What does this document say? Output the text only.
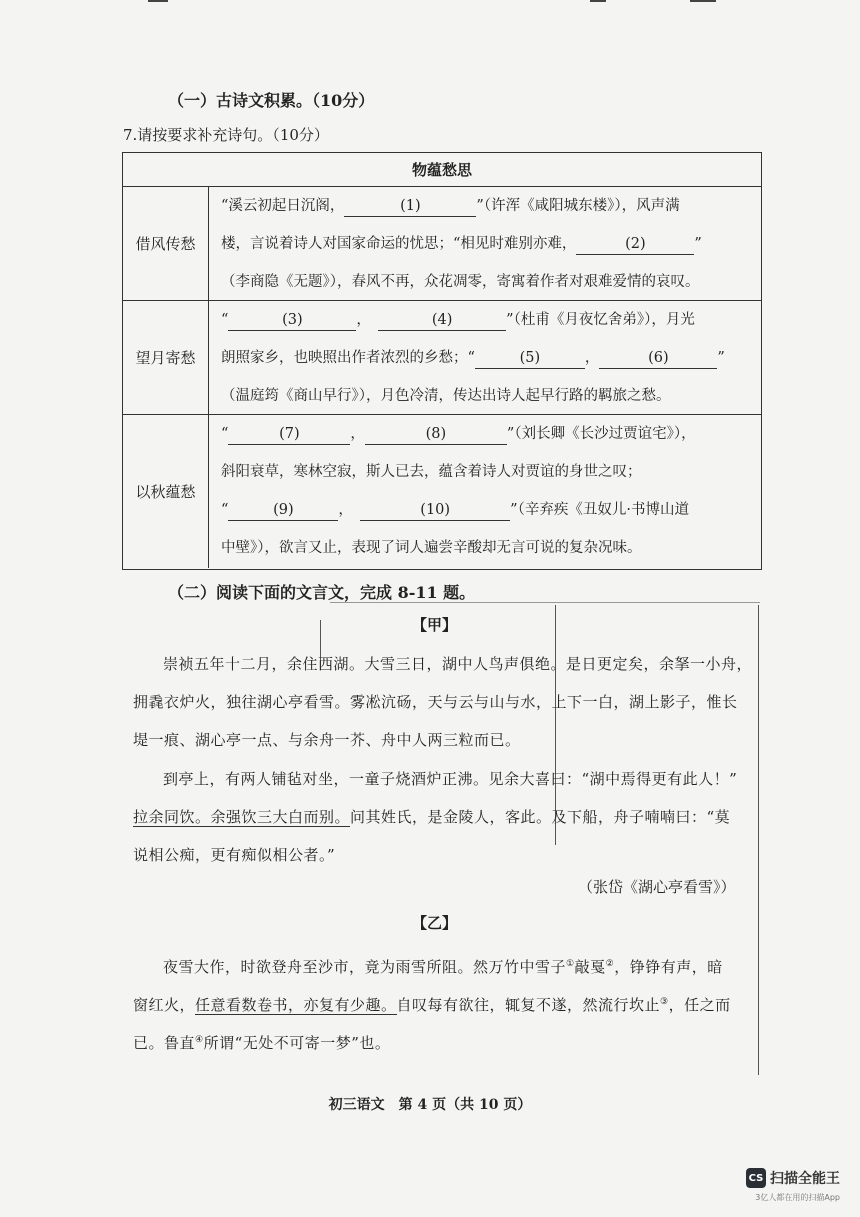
（一）古诗文积累。（10分）
7.请按要求补充诗句。（10分）
物蕴愁思
借风传愁
“溪云初起日沉阁，	(1)	”（许浑《咸阳城东楼》），风声满
楼，言说着诗人对国家命运的忧思；“相见时难别亦难，	(2)	”
（李商隐《无题》），春风不再，众花凋零，寄寓着作者对艰难爱情的哀叹。
望月寄愁
“	(3)	，　	(4)	”（杜甫《月夜忆舍弟》），月光
朗照家乡，也映照出作者浓烈的乡愁；“	(5)	，	(6)	”
（温庭筠《商山早行》），月色冷清，传达出诗人起早行路的羁旅之愁。
以秋蕴愁
“	(7)	，	(8)	”（刘长卿《长沙过贾谊宅》），
斜阳衰草，寒林空寂，斯人已去，蕴含着诗人对贾谊的身世之叹；
“	(9)	，　	(10)	”（辛弃疾《丑奴儿·书博山道
中壁》），欲言又止，表现了词人遍尝辛酸却无言可说的复杂况味。
（二）阅读下面的文言文，完成 8-11 题。
【甲】
崇祯五年十二月，余住西湖。大雪三日，湖中人鸟声俱绝。是日更定矣，余拏一小舟，
拥毳衣炉火，独往湖心亭看雪。雾凇沆砀，天与云与山与水，上下一白，湖上影子，惟长
堤一痕、湖心亭一点、与余舟一芥、舟中人两三粒而已。
到亭上，有两人铺毡对坐，一童子烧酒炉正沸。见余大喜曰：“湖中焉得更有此人！”
拉余同饮。余强饮三大白而别。问其姓氏，是金陵人，客此。及下船，舟子喃喃曰：“莫
说相公痴，更有痴似相公者。”
（张岱《湖心亭看雪》）
【乙】
夜雪大作，时欲登舟至沙市，竟为雨雪所阻。然万竹中雪子①敲戛②，铮铮有声，暗
窗红火，任意看数卷书，亦复有少趣。自叹每有欲往，辄复不遂，然流行坎止③，任之而
已。鲁直④所谓“无处不可寄一梦”也。
初三语文　第 4 页（共 10 页）
CS 扫描全能王
3亿人都在用的扫描App
